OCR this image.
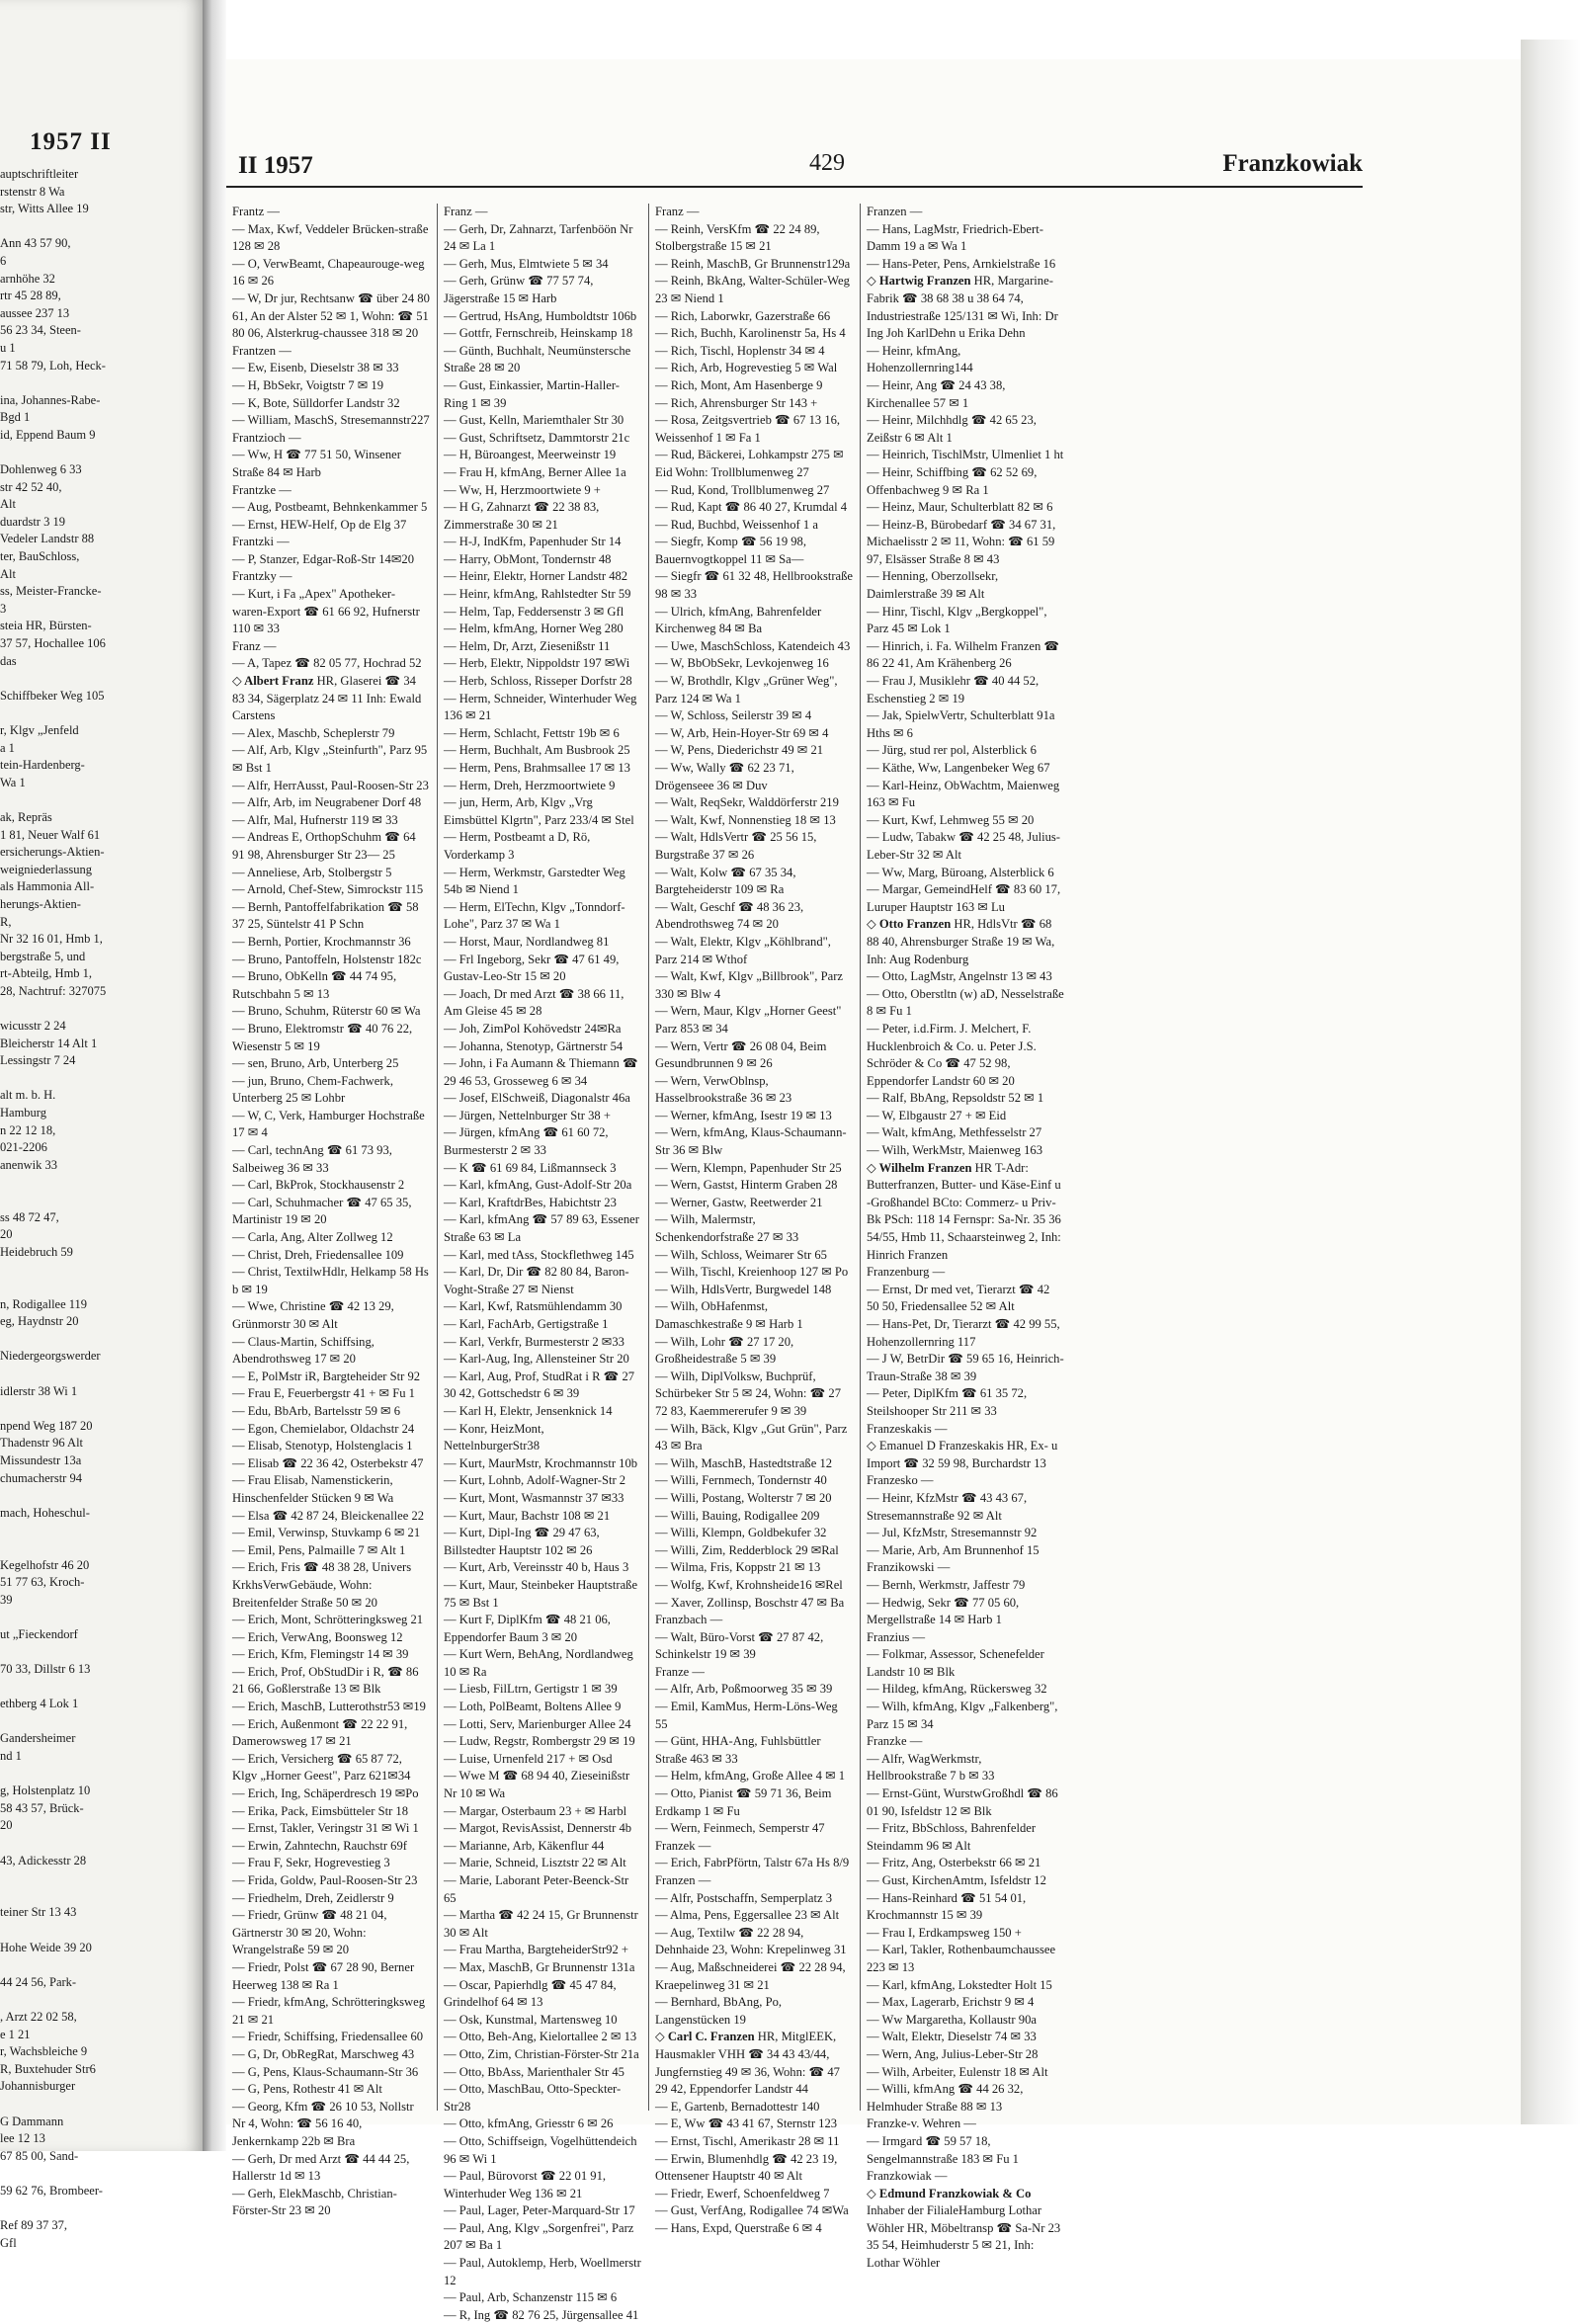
1957 II
auptschriftleiter
rstenstr 8 Wa
str, Witts Allee 19
Ann 43 57 90,
6
arnhöhe 32
rtr 45 28 89,
aussee 237 13
56 23 34, Steen-
u 1
71 58 79, Loh, Heck-
ina, Johannes-Rabe-
Bgd 1
id, Eppend Baum 9
Dohlenweg 6 33
str 42 52 40,
Alt
duardstr 3 19
Vedeler Landstr 88
ter, BauSchloss,
Alt
ss, Meister-Francke-
3
steia HR, Bürsten-
37 57, Hochallee 106
das
Schiffbeker Weg 105
r, Klgv „Jenfeld
a 1
tein-Hardenberg-
Wa 1
ak, Repräs
1 81, Neuer Walf 61
ersicherungs-Aktien-
weigniederlassung
als Hammonia All-
herungs-Aktien-
R,
Nr 32 16 01, Hmb 1,
bergstraße 5, und
rt-Abteilg, Hmb 1,
28, Nachtruf: 327075
wicusstr 2 24
Bleicherstr 14 Alt 1
Lessingstr 7 24
alt m. b. H.
Hamburg
n 22 12 18,
021-2206
anenwik 33
ss 48 72 47,
20
Heidebruch 59
n, Rodigallee 119
eg, Haydnstr 20
Niedergeorgswerder
idlerstr 38 Wi 1
npend Weg 187 20
Thadenstr 96 Alt
Missundestr 13a
chumacherstr 94
mach, Hoheschul-
Kegelhofstr 46 20
51 77 63, Kroch-
39
ut „Fieckendorf
70 33, Dillstr 6 13
ethberg 4 Lok 1
Gandersheimer
nd 1
g, Holstenplatz 10
58 43 57, Brück-
20
43, Adickesstr 28
teiner Str 13 43
Hohe Weide 39 20
44 24 56, Park-
, Arzt 22 02 58,
e 1 21
r, Wachsbleiche 9
R, Buxtehuder Str6
Johannisburger
G Dammann
lee 12 13
67 85 00, Sand-
59 62 76, Brombeer-
Ref 89 37 37,
Gfl
II 1957	429	Franzkowiak
Frantz —
— Max, Kwf, Veddeler Brücken-straße 128 ✉ 28
— O, VerwBeamt, Chapeaurouge-weg 16 ✉ 26
— W, Dr jur, Rechtsanw ☎ über 24 80 61, An der Alster 52 ✉ 1, Wohn: ☎ 51 80 06, Alsterkrug-chaussee 318 ✉ 20
Frantzen —
— Ew, Eisenb, Dieselstr 38 ✉ 33
— H, BbSekr, Voigtstr 7 ✉ 19
— K, Bote, Sülldorfer Landstr 32
— William, MaschS, Stresemannstr227
Frantzioch —
— Ww, H ☎ 77 51 50, Winsener Straße 84 ✉ Harb
Frantzke —
— Aug, Postbeamt, Behnkenkammer 5
— Ernst, HEW-Helf, Op de Elg 37
Frantzki —
— P, Stanzer, Edgar-Roß-Str 14✉20
Frantzky —
— Kurt, i Fa „Apex" Apotheker-waren-Export ☎ 61 66 92, Hufnerstr 110 ✉ 33
Franz —
— A, Tapez ☎ 82 05 77, Hochrad 52
◇ Albert Franz HR, Glaserei ☎ 34 83 34, Sägerplatz 24 ✉ 11 Inh: Ewald Carstens
— Alex, Maschb, Scheplerstr 79
— Alf, Arb, Klgv „Steinfurth", Parz 95 ✉ Bst 1
— Alfr, HerrAusst, Paul-Roosen-Str 23
— Alfr, Arb, im Neugrabener Dorf 48
— Alfr, Mal, Hufnerstr 119 ✉ 33
— Andreas E, OrthopSchuhm ☎ 64 91 98, Ahrensburger Str 23— 25
— Anneliese, Arb, Stolbergstr 5
— Arnold, Chef-Stew, Simrockstr 115
— Bernh, Pantoffelfabrikation ☎ 58 37 25, Süntelstr 41 P Schn
— Bernh, Portier, Krochmannstr 36
— Bruno, Pantoffeln, Holstenstr 182c
— Bruno, ObKelln ☎ 44 74 95, Rutschbahn 5 ✉ 13
— Bruno, Schuhm, Rüterstr 60 ✉ Wa
— Bruno, Elektromstr ☎ 40 76 22, Wiesenstr 5 ✉ 19
— sen, Bruno, Arb, Unterberg 25
— jun, Bruno, Chem-Fachwerk, Unterberg 25 ✉ Lohbr
— W, C, Verk, Hamburger Hochstraße 17 ✉ 4
— Carl, technAng ☎ 61 73 93, Salbeiweg 36 ✉ 33
— Carl, BkProk, Stockhausenstr 2
— Carl, Schuhmacher ☎ 47 65 35, Martinistr 19 ✉ 20
— Carla, Ang, Alter Zollweg 12
— Christ, Dreh, Friedensallee 109
— Christ, TextilwHdlr, Helkamp 58 Hs b ✉ 19
— Wwe, Christine ☎ 42 13 29, Grünmorstr 30 ✉ Alt
— Claus-Martin, Schiffsing, Abendrothsweg 17 ✉ 20
— E, PolMstr iR, Bargteheider Str 92
— Frau E, Feuerbergstr 41 + ✉ Fu 1
— Edu, BbArb, Bartelsstr 59 ✉ 6
— Egon, Chemielabor, Oldachstr 24
— Elisab, Stenotyp, Holstenglacis 1
— Elisab ☎ 22 36 42, Osterbekstr 47
— Frau Elisab, Namenstickerin, Hinschenfelder Stücken 9 ✉ Wa
— Elsa ☎ 42 87 24, Bleickenallee 22
— Emil, Verwinsp, Stuvkamp 6 ✉ 21
— Emil, Pens, Palmaille 7 ✉ Alt 1
— Erich, Fris ☎ 48 38 28, Univers KrkhsVerwGebäude, Wohn: Breitenfelder Straße 50 ✉ 20
— Erich, Mont, Schrötteringksweg 21
— Erich, VerwAng, Boonsweg 12
— Erich, Kfm, Flemingstr 14 ✉ 39
— Erich, Prof, ObStudDir i R, ☎ 86 21 66, Goßlerstraße 13 ✉ Blk
— Erich, MaschB, Lutterothstr53 ✉19
— Erich, Außenmont ☎ 22 22 91, Damerowsweg 17 ✉ 21
— Erich, Versicherg ☎ 65 87 72, Klgv „Horner Geest", Parz 621✉34
— Erich, Ing, Schäperdresch 19 ✉Po
— Erika, Pack, Eimsbütteler Str 18
— Ernst, Takler, Veringstr 31 ✉ Wi 1
— Erwin, Zahntechn, Rauchstr 69f
— Frau F, Sekr, Hogrevestieg 3
— Frida, Goldw, Paul-Roosen-Str 23
— Friedhelm, Dreh, Zeidlerstr 9
— Friedr, Grünw ☎ 48 21 04, Gärtnerstr 30 ✉ 20, Wohn: Wrangelstraße 59 ✉ 20
— Friedr, Polst ☎ 67 28 90, Berner Heerweg 138 ✉ Ra 1
— Friedr, kfmAng, Schrötteringksweg 21 ✉ 21
— Friedr, Schiffsing, Friedensallee 60
— G, Dr, ObRegRat, Marschweg 43
— G, Pens, Klaus-Schaumann-Str 36
— G, Pens, Rothestr 41 ✉ Alt
— Georg, Kfm ☎ 26 10 53, Nollstr Nr 4, Wohn: ☎ 56 16 40, Jenkernkamp 22b ✉ Bra
— Gerh, Dr med Arzt ☎ 44 44 25, Hallerstr 1d ✉ 13
— Gerh, ElekMaschb, Christian-Förster-Str 23 ✉ 20
Franz —
— Gerh, Dr, Zahnarzt, Tarfenböön Nr 24 ✉ La 1
— Gerh, Mus, Elmtwiete 5 ✉ 34
— Gerh, Grünw ☎ 77 57 74, Jägerstraße 15 ✉ Harb
— Gertrud, HsAng, Humboldtstr 106b
— Gottfr, Fernschreib, Heinskamp 18
— Günth, Buchhalt, Neumünstersche Straße 28 ✉ 20
— Gust, Einkassier, Martin-Haller-Ring 1 ✉ 39
— Gust, Kelln, Mariemthaler Str 30
— Gust, Schriftsetz, Dammtorstr 21c
— H, Büroangest, Meerweinstr 19
— Frau H, kfmAng, Berner Allee 1a
— Ww, H, Herzmoortwiete 9 +
— H G, Zahnarzt ☎ 22 38 83, Zimmerstraße 30 ✉ 21
— H-J, IndKfm, Papenhuder Str 14
— Harry, ObMont, Tondernstr 48
— Heinr, Elektr, Horner Landstr 482
— Heinr, kfmAng, Rahlstedter Str 59
— Helm, Tap, Feddersenstr 3 ✉ Gfl
— Helm, kfmAng, Horner Weg 280
— Helm, Dr, Arzt, Ziesenißstr 11
— Herb, Elektr, Nippoldstr 197 ✉Wi
— Herb, Schloss, Risseper Dorfstr 28
— Herm, Schneider, Winterhuder Weg 136 ✉ 21
— Herm, Schlacht, Fettstr 19b ✉ 6
— Herm, Buchhalt, Am Busbrook 25
— Herm, Pens, Brahmsallee 17 ✉ 13
— Herm, Dreh, Herzmoortwiete 9
— jun, Herm, Arb, Klgv „Vrg Eimsbüttel Klgrtn", Parz 233/4 ✉ Stel
— Herm, Postbeamt a D, Rö, Vorderkamp 3
— Herm, Werkmstr, Garstedter Weg 54b ✉ Niend 1
— Herm, ElTechn, Klgv „Tonndorf-Lohe", Parz 37 ✉ Wa 1
— Horst, Maur, Nordlandweg 81
— Frl Ingeborg, Sekr ☎ 47 61 49, Gustav-Leo-Str 15 ✉ 20
— Joach, Dr med Arzt ☎ 38 66 11, Am Gleise 45 ✉ 28
— Joh, ZimPol Kohövedstr 24✉Ra
— Johanna, Stenotyp, Gärtnerstr 54
— John, i Fa Aumann & Thiemann ☎ 29 46 53, Grosseweg 6 ✉ 34
— Josef, ElSchweiß, Diagonalstr 46a
— Jürgen, Nettelnburger Str 38 +
— Jürgen, kfmAng ☎ 61 60 72, Burmesterstr 2 ✉ 33
— K ☎ 61 69 84, Lißmannseck 3
— Karl, kfmAng, Gust-Adolf-Str 20a
— Karl, KraftdrBes, Habichtstr 23
— Karl, kfmAng ☎ 57 89 63, Essener Straße 63 ✉ La
— Karl, med tAss, Stockflethweg 145
— Karl, Dr, Dir ☎ 82 80 84, Baron-Voght-Straße 27 ✉ Nienst
— Karl, Kwf, Ratsmühlendamm 30
— Karl, FachArb, Gertigstraße 1
— Karl, Verkfr, Burmesterstr 2 ✉33
— Karl-Aug, Ing, Allensteiner Str 20
— Karl, Aug, Prof, StudRat i R ☎ 27 30 42, Gottschedstr 6 ✉ 39
— Karl H, Elektr, Jensenknick 14
— Konr, HeizMont, NettelnburgerStr38
— Kurt, MaurMstr, Krochmannstr 10b
— Kurt, Lohnb, Adolf-Wagner-Str 2
— Kurt, Mont, Wasmannstr 37 ✉33
— Kurt, Maur, Bachstr 108 ✉ 21
— Kurt, Dipl-Ing ☎ 29 47 63, Billstedter Hauptstr 102 ✉ 26
— Kurt, Arb, Vereinsstr 40 b, Haus 3
— Kurt, Maur, Steinbeker Hauptstraße 75 ✉ Bst 1
— Kurt F, DiplKfm ☎ 48 21 06, Eppendorfer Baum 3 ✉ 20
— Kurt Wern, BehAng, Nordlandweg 10 ✉ Ra
— Liesb, FilLtrn, Gertigstr 1 ✉ 39
— Loth, PolBeamt, Boltens Allee 9
— Lotti, Serv, Marienburger Allee 24
— Ludw, Regstr, Rombergstr 29 ✉ 19
— Luise, Urnenfeld 217 + ✉ Osd
— Wwe M ☎ 68 94 40, Zieseinißstr Nr 10 ✉ Wa
— Margar, Osterbaum 23 + ✉ Harbl
— Margot, RevisAssist, Dennerstr 4b
— Marianne, Arb, Käkenflur 44
— Marie, Schneid, Lisztstr 22 ✉ Alt
— Marie, Laborant Peter-Beenck-Str 65
— Martha ☎ 42 24 15, Gr Brunnenstr 30 ✉ Alt
— Frau Martha, BargteheiderStr92 +
— Max, MaschB, Gr Brunnenstr 131a
— Oscar, Papierhdlg ☎ 45 47 84, Grindelhof 64 ✉ 13
— Osk, Kunstmal, Martensweg 10
— Otto, Beh-Ang, Kielortallee 2 ✉ 13
— Otto, Zim, Christian-Förster-Str 21a
— Otto, BbAss, Marienthaler Str 45
— Otto, MaschBau, Otto-Speckter-Str28
— Otto, kfmAng, Griesstr 6 ✉ 26
— Otto, Schiffseign, Vogelhüttendeich 96 ✉ Wi 1
— Paul, Bürovorst ☎ 22 01 91, Winterhuder Weg 136 ✉ 21
— Paul, Lager, Peter-Marquard-Str 17
— Paul, Ang, Klgv „Sorgenfrei", Parz 207 ✉ Ba 1
— Paul, Autoklemp, Herb, Woellmerstr 12
— Paul, Arb, Schanzenstr 115 ✉ 6
— R, Ing ☎ 82 76 25, Jürgensallee 41
Franz —
— Reinh, VersKfm ☎ 22 24 89, Stolbergstraße 15 ✉ 21
— Reinh, MaschB, Gr Brunnenstr129a
— Reinh, BkAng, Walter-Schüler-Weg 23 ✉ Niend 1
— Rich, Laborwkr, Gazerstraße 66
— Rich, Buchh, Karolinenstr 5a, Hs 4
— Rich, Tischl, Hoplenstr 34 ✉ 4
— Rich, Arb, Hogrevestieg 5 ✉ Wal
— Rich, Mont, Am Hasenberge 9
— Rich, Ahrensburger Str 143 +
— Rosa, Zeitgsvertrieb ☎ 67 13 16, Weissenhof 1 ✉ Fa 1
— Rud, Bäckerei, Lohkampstr 275 ✉ Eid Wohn: Trollblumenweg 27
— Rud, Kond, Trollblumenweg 27
— Rud, Kapt ☎ 86 40 27, Krumdal 4
— Rud, Buchbd, Weissenhof 1 a
— Siegfr, Komp ☎ 56 19 98, Bauernvogtkoppel 11 ✉ Sa—
— Siegfr ☎ 61 32 48, Hellbrookstraße 98 ✉ 33
— Ulrich, kfmAng, Bahrenfelder Kirchenweg 84 ✉ Ba
— Uwe, MaschSchloss, Katendeich 43
— W, BbObSekr, Levkojenweg 16
— W, Brothdlr, Klgv „Grüner Weg", Parz 124 ✉ Wa 1
— W, Schloss, Seilerstr 39 ✉ 4
— W, Arb, Hein-Hoyer-Str 69 ✉ 4
— W, Pens, Diederichstr 49 ✉ 21
— Ww, Wally ☎ 62 23 71, Drögenseee 36 ✉ Duv
— Walt, ReqSekr, Walddörferstr 219
— Walt, Kwf, Nonnenstieg 18 ✉ 13
— Walt, HdlsVertr ☎ 25 56 15, Burgstraße 37 ✉ 26
— Walt, Kolw ☎ 67 35 34, Bargteheiderstr 109 ✉ Ra
— Walt, Geschf ☎ 48 36 23, Abendrothsweg 74 ✉ 20
— Walt, Elektr, Klgv „Köhlbrand", Parz 214 ✉ Wthof
— Walt, Kwf, Klgv „Billbrook", Parz 330 ✉ Blw 4
— Wern, Maur, Klgv „Horner Geest" Parz 853 ✉ 34
— Wern, Vertr ☎ 26 08 04, Beim Gesundbrunnen 9 ✉ 26
— Wern, VerwOblnsp, Hasselbrookstraße 36 ✉ 23
— Werner, kfmAng, Isestr 19 ✉ 13
— Wern, kfmAng, Klaus-Schaumann-Str 36 ✉ Blw
— Wern, Klempn, Papenhuder Str 25
— Wern, Gastst, Hinterm Graben 28
— Werner, Gastw, Reetwerder 21
— Wilh, Malermstr, Schenkendorfstraße 27 ✉ 33
— Wilh, Schloss, Weimarer Str 65
— Wilh, Tischl, Kreienhoop 127 ✉ Po
— Wilh, HdlsVertr, Burgwedel 148
— Wilh, ObHafenmst, Damaschkestraße 9 ✉ Harb 1
— Wilh, Lohr ☎ 27 17 20, Großheidestraße 5 ✉ 39
— Wilh, DiplVolksw, Buchprüf, Schürbeker Str 5 ✉ 24, Wohn: ☎ 27 72 83, Kaemmererufer 9 ✉ 39
— Wilh, Bäck, Klgv „Gut Grün", Parz 43 ✉ Bra
— Wilh, MaschB, Hastedtstraße 12
— Willi, Fernmech, Tondernstr 40
— Willi, Postang, Wolterstr 7 ✉ 20
— Willi, Bauing, Rodigallee 209
— Willi, Klempn, Goldbekufer 32
— Willi, Zim, Redderblock 29 ✉Ral
— Wilma, Fris, Koppstr 21 ✉ 13
— Wolfg, Kwf, Krohnsheide16 ✉Rel
— Xaver, Zollinsp, Boschstr 47 ✉ Ba
Franzbach —
— Walt, Büro-Vorst ☎ 27 87 42, Schinkelstr 19 ✉ 39
Franze —
— Alfr, Arb, Poßmoorweg 35 ✉ 39
— Emil, KamMus, Herm-Löns-Weg 55
— Günt, HHA-Ang, Fuhlsbüttler Straße 463 ✉ 33
— Helm, kfmAng, Große Allee 4 ✉ 1
— Otto, Pianist ☎ 59 71 36, Beim Erdkamp 1 ✉ Fu
— Wern, Feinmech, Semperstr 47
Franzek —
— Erich, FabrPförtn, Talstr 67a Hs 8/9
Franzen —
— Alfr, Postschaffn, Semperplatz 3
— Alma, Pens, Eggersallee 23 ✉ Alt
— Aug, Textilw ☎ 22 28 94, Dehnhaide 23, Wohn: Krepelinweg 31
— Aug, Maßschneiderei ☎ 22 28 94, Kraepelinweg 31 ✉ 21
— Bernhard, BbAng, Po, Langenstücken 19
◇ Carl C. Franzen HR, MitglEEK, Hausmakler VHH ☎ 34 43 43/44, Jungfernstieg 49 ✉ 36, Wohn: ☎ 47 29 42, Eppendorfer Landstr 44
— E, Gartenb, Bernadottestr 140
— E, Ww ☎ 43 41 67, Sternstr 123
— Ernst, Tischl, Amerikastr 28 ✉ 11
— Erwin, Blumenhdlg ☎ 42 23 19, Ottensener Hauptstr 40 ✉ Alt
— Friedr, Ewerf, Schoenfeldweg 7
— Gust, VerfAng, Rodigallee 74 ✉Wa
— Hans, Expd, Querstraße 6 ✉ 4
Franzen —
— Hans, LagMstr, Friedrich-Ebert-Damm 19 a ✉ Wa 1
— Hans-Peter, Pens, Arnkielstraße 16
◇ Hartwig Franzen HR, Margarine-Fabrik ☎ 38 68 38 u 38 64 74, Industriestraße 125/131 ✉ Wi, Inh: Dr Ing Joh KarlDehn u Erika Dehn
— Heinr, kfmAng, Hohenzollernring144
— Heinr, Ang ☎ 24 43 38, Kirchenallee 57 ✉ 1
— Heinr, Milchhdlg ☎ 42 65 23, Zeißstr 6 ✉ Alt 1
— Heinrich, TischlMstr, Ulmenliet 1 ht
— Heinr, Schiffbing ☎ 62 52 69, Offenbachweg 9 ✉ Ra 1
— Heinz, Maur, Schulterblatt 82 ✉ 6
— Heinz-B, Bürobedarf ☎ 34 67 31, Michaelisstr 2 ✉ 11, Wohn: ☎ 61 59 97, Elsässer Straße 8 ✉ 43
— Henning, Oberzollsekr, Daimlerstraße 39 ✉ Alt
— Hinr, Tischl, Klgv „Bergkoppel", Parz 45 ✉ Lok 1
— Hinrich, i. Fa. Wilhelm Franzen ☎ 86 22 41, Am Krähenberg 26
— Frau J, Musiklehr ☎ 40 44 52, Eschenstieg 2 ✉ 19
— Jak, SpielwVertr, Schulterblatt 91a Hths ✉ 6
— Jürg, stud rer pol, Alsterblick 6
— Käthe, Ww, Langenbeker Weg 67
— Karl-Heinz, ObWachtm, Maienweg 163 ✉ Fu
— Kurt, Kwf, Lehmweg 55 ✉ 20
— Ludw, Tabakw ☎ 42 25 48, Julius-Leber-Str 32 ✉ Alt
— Ww, Marg, Büroang, Alsterblick 6
— Margar, GemeindHelf ☎ 83 60 17, Luruper Hauptstr 163 ✉ Lu
◇ Otto Franzen HR, HdlsVtr ☎ 68 88 40, Ahrensburger Straße 19 ✉ Wa, Inh: Aug Rodenburg
— Otto, LagMstr, Angelnstr 13 ✉ 43
— Otto, Oberstltn (w) aD, Nesselstraße 8 ✉ Fu 1
— Peter, i.d.Firm. J. Melchert, F. Hucklenbroich & Co. u. Peter J.S. Schröder & Co ☎ 47 52 98, Eppendorfer Landstr 60 ✉ 20
— Ralf, BbAng, Repsoldstr 52 ✉ 1
— W, Elbgaustr 27 + ✉ Eid
— Walt, kfmAng, Methfesselstr 27
— Wilh, WerkMstr, Maienweg 163
◇ Wilhelm Franzen HR T-Adr: Butterfranzen, Butter- und Käse-Einf u -Großhandel BCto: Commerz- u Priv-Bk PSch: 118 14 Fernspr: Sa-Nr. 35 36 54/55, Hmb 11, Schaarsteinweg 2, Inh: Hinrich Franzen
Franzenburg —
— Ernst, Dr med vet, Tierarzt ☎ 42 50 50, Friedensallee 52 ✉ Alt
— Hans-Pet, Dr, Tierarzt ☎ 42 99 55, Hohenzollernring 117
— J W, BetrDir ☎ 59 65 16, Heinrich-Traun-Straße 38 ✉ 39
— Peter, DiplKfm ☎ 61 35 72, Steilshooper Str 211 ✉ 33
Franzeskakis —
◇ Emanuel D Franzeskakis HR, Ex- u Import ☎ 32 59 98, Burchardstr 13
Franzesko —
— Heinr, KfzMstr ☎ 43 43 67, Stresemannstraße 92 ✉ Alt
— Jul, KfzMstr, Stresemannstr 92
— Marie, Arb, Am Brunnenhof 15
Franzikowski —
— Bernh, Werkmstr, Jaffestr 79
— Hedwig, Sekr ☎ 77 05 60, Mergellstraße 14 ✉ Harb 1
Franzius —
— Folkmar, Assessor, Schenefelder Landstr 10 ✉ Blk
— Hildeg, kfmAng, Rückersweg 32
— Wilh, kfmAng, Klgv „Falkenberg", Parz 15 ✉ 34
Franzke —
— Alfr, WagWerkmstr, Hellbrookstraße 7 b ✉ 33
— Ernst-Günt, WurstwGroßhdl ☎ 86 01 90, Isfeldstr 12 ✉ Blk
— Fritz, BbSchloss, Bahrenfelder Steindamm 96 ✉ Alt
— Fritz, Ang, Osterbekstr 66 ✉ 21
— Gust, KirchenAmtm, Isfeldstr 12
— Hans-Reinhard ☎ 51 54 01, Krochmannstr 15 ✉ 39
— Frau I, Erdkampsweg 150 +
— Karl, Takler, Rothenbaumchaussee 223 ✉ 13
— Karl, kfmAng, Lokstedter Holt 15
— Max, Lagerarb, Erichstr 9 ✉ 4
— Ww Margaretha, Kollaustr 90a
— Walt, Elektr, Dieselstr 74 ✉ 33
— Wern, Ang, Julius-Leber-Str 28
— Wilh, Arbeiter, Eulenstr 18 ✉ Alt
— Willi, kfmAng ☎ 44 26 32, Helmhuder Straße 88 ✉ 13
Franzke-v. Wehren —
— Irmgard ☎ 59 57 18, Sengelmannstraße 183 ✉ Fu 1
Franzkowiak —
◇ Edmund Franzkowiak & Co Inhaber der FilialeHamburg Lothar Wöhler HR, Möbeltransp ☎ Sa-Nr 23 35 54, Heimhuderstr 5 ✉ 21, Inh: Lothar Wöhler
